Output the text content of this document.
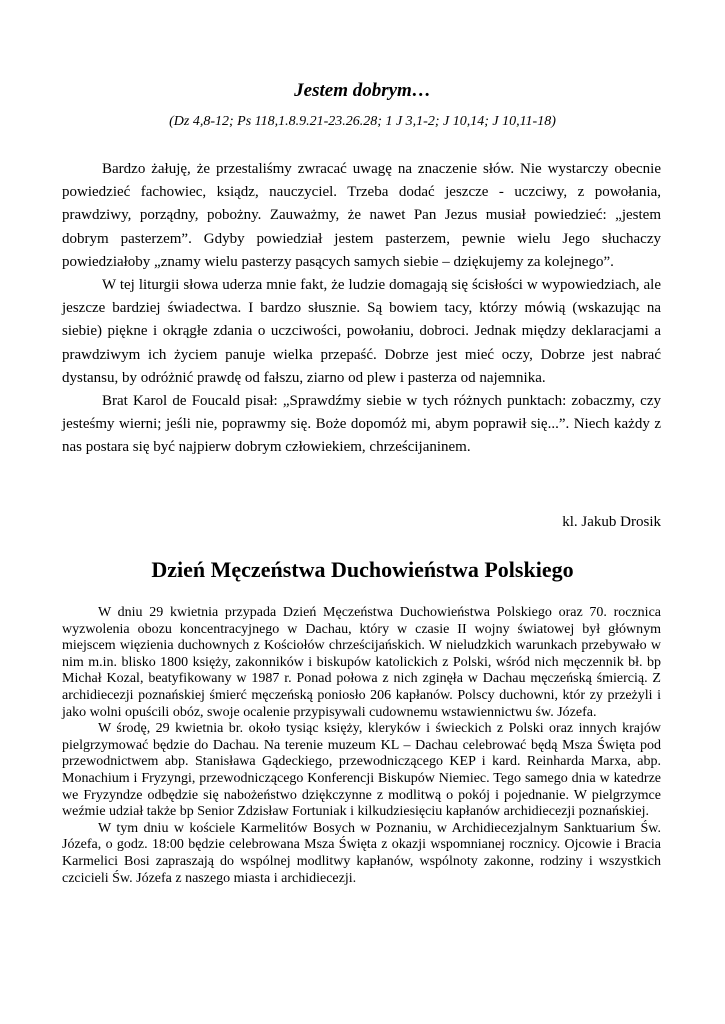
Jestem dobrym…
(Dz 4,8-12; Ps 118,1.8.9.21-23.26.28; 1 J 3,1-2; J 10,14; J 10,11-18)

Bardzo żałuję, że przestaliśmy zwracać uwagę na znaczenie słów. Nie wystarczy obecnie powiedzieć fachowiec, ksiądz, nauczyciel. Trzeba dodać jeszcze - uczciwy, z powołania, prawdziwy, porządny, pobożny. Zauważmy, że nawet Pan Jezus musiał powiedzieć: „jestem dobrym pasterzem”. Gdyby powiedział jestem pasterzem, pewnie wielu Jego słuchaczy powiedziałoby „znamy wielu pasterzy pasących samych siebie – dziękujemy za kolejnego”.

W tej liturgii słowa uderza mnie fakt, że ludzie domagają się ścisłości w wypowiedziach, ale jeszcze bardziej świadectwa. I bardzo słusznie. Są bowiem tacy, którzy mówią (wskazując na siebie) piękne i okrągłe zdania o uczciwości, powołaniu, dobroci. Jednak między deklaracjami a prawdziwym ich życiem panuje wielka przepaść. Dobrze jest mieć oczy, Dobrze jest nabrać dystansu, by odróżnić prawdę od fałszu, ziarno od plew i pasterza od najemnika.

Brat Karol de Foucald pisał: „Sprawdźmy siebie w tych różnych punktach: zobaczmy, czy jesteśmy wierni; jeśli nie, poprawmy się. Boże dopomóż mi, abym poprawił się...”. Niech każdy z nas postara się być najpierw dobrym człowiekiem, chrześcijaninem.

kl. Jakub Drosik
Dzień Męczeństwa Duchowieństwa Polskiego

W dniu 29 kwietnia przypada Dzień Męczeństwa Duchowieństwa Polskiego oraz 70. rocznica wyzwolenia obozu koncentracyjnego w Dachau, który w czasie II wojny światowej był głównym miejscem więzienia duchownych z Kościołów chrześcijańskich. W nieludzkich warunkach przebywało w nim m.in. blisko 1800 księży, zakonników i biskupów katolickich z Polski, wśród nich męczennik bł. bp Michał Kozal, beatyfikowany w 1987 r. Ponad połowa z nich zginęła w Dachau męczeńską śmiercią. Z archidiecezji poznańskiej śmierć męczeńską poniosło 206 kapłanów. Polscy duchowni, któr zy przeżyli i jako wolni opuścili obóz, swoje ocalenie przypisywali cudownemu wstawiennictwu św. Józefa.

W środę, 29 kwietnia br. około tysiąc księży, kleryków i świeckich z Polski oraz innych krajów pielgrzymować będzie do Dachau. Na terenie muzeum KL – Dachau celebrować będą Msza Święta pod przewodnictwem abp. Stanisława Gądeckiego, przewodniczącego KEP i kard. Reinharda Marxa, abp. Monachium i Fryzyngi, przewodniczącego Konferencji Biskupów Niemiec. Tego samego dnia w katedrze we Fryzyndze odbędzie się nabożeństwo dziękczynne z modlitwą o pokój i pojednanie. W pielgrzymce weźmie udział także bp Senior Zdzisław Fortuniak i kilkudziesięciu kapłanów archidiecezji poznańskiej.

W tym dniu w kościele Karmelitów Bosych w Poznaniu, w Archidiecezjalnym Sanktuarium Św. Józefa, o godz. 18:00 będzie celebrowana Msza Święta z okazji wspomnianej rocznicy. Ojcowie i Bracia Karmelici Bosi zapraszają do wspólnej modlitwy kapłanów, wspólnoty zakonne, rodziny i wszystkich czcicieli Św. Józefa z naszego miasta i archidiecezji.
